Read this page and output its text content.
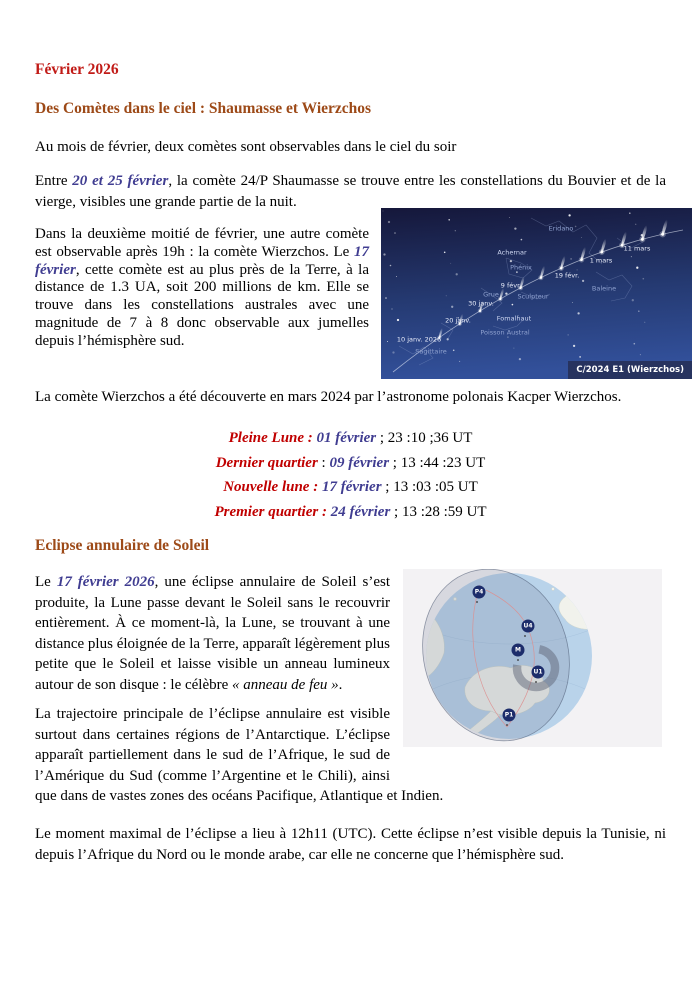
Février 2026
Des Comètes dans le ciel : Shaumasse et Wierzchos

Au mois de février, deux comètes sont observables dans le ciel du soir

Entre 20 et 25 février, la comète 24/P Shaumasse se trouve entre les constellations du Bouvier et de la vierge, visibles une grande partie de la nuit.

10 janv. 2026
20 janv.
30 janv.
9 févr.
19 févr.
1 mars
11 mars
Sagittaire
Grue
Phénix
Sculpteur
Poisson Austral
Fomalhaut
Achernar
Eridano
Baleine
C/2024 E1 (Wierzchos)

Dans la deuxième moitié de février, une autre comète est observable après 19h : la comète Wierzchos. Le 17 février, cette comète est au plus près de la Terre, à la distance de 1.3 UA, soit 200 millions de km. Elle se trouve dans les constellations australes avec une magnitude de 7 à 8 donc observable aux jumelles depuis l’hémisphère sud.

La comète Wierzchos a été découverte en mars 2024 par l’astronome polonais Kacper Wierzchos.

Pleine Lune : 01 février ; 23 :10 ;36 UT
Dernier quartier : 09 février ; 13 :44 :23 UT
Nouvelle lune : 17 février ; 13 :03 :05 UT
Premier quartier : 24 février ; 13 :28 :59 UT
Eclipse annulaire de Soleil
P4
U4
M
U1
P1

Le 17 février 2026, une éclipse annulaire de Soleil s’est produite, la Lune passe devant le Soleil sans le recouvrir entièrement. À ce moment-là, la Lune, se trouvant à une distance plus éloignée de la Terre, apparaît légèrement plus petite que le Soleil et laisse visible un anneau lumineux autour de son disque : le célèbre « anneau de feu ».

La trajectoire principale de l’éclipse annulaire est visible surtout dans certaines régions de l’Antarctique. L’éclipse apparaît partiellement dans le sud de l’Afrique, le sud de l’Amérique du Sud (comme l’Argentine et le Chili), ainsi que dans de vastes zones des océans Pacifique, Atlantique et Indien.

Le moment maximal de l’éclipse a lieu à 12h11 (UTC). Cette éclipse n’est visible depuis la Tunisie, ni depuis l’Afrique du Nord ou le monde arabe, car elle ne concerne que l’hémisphère sud.
